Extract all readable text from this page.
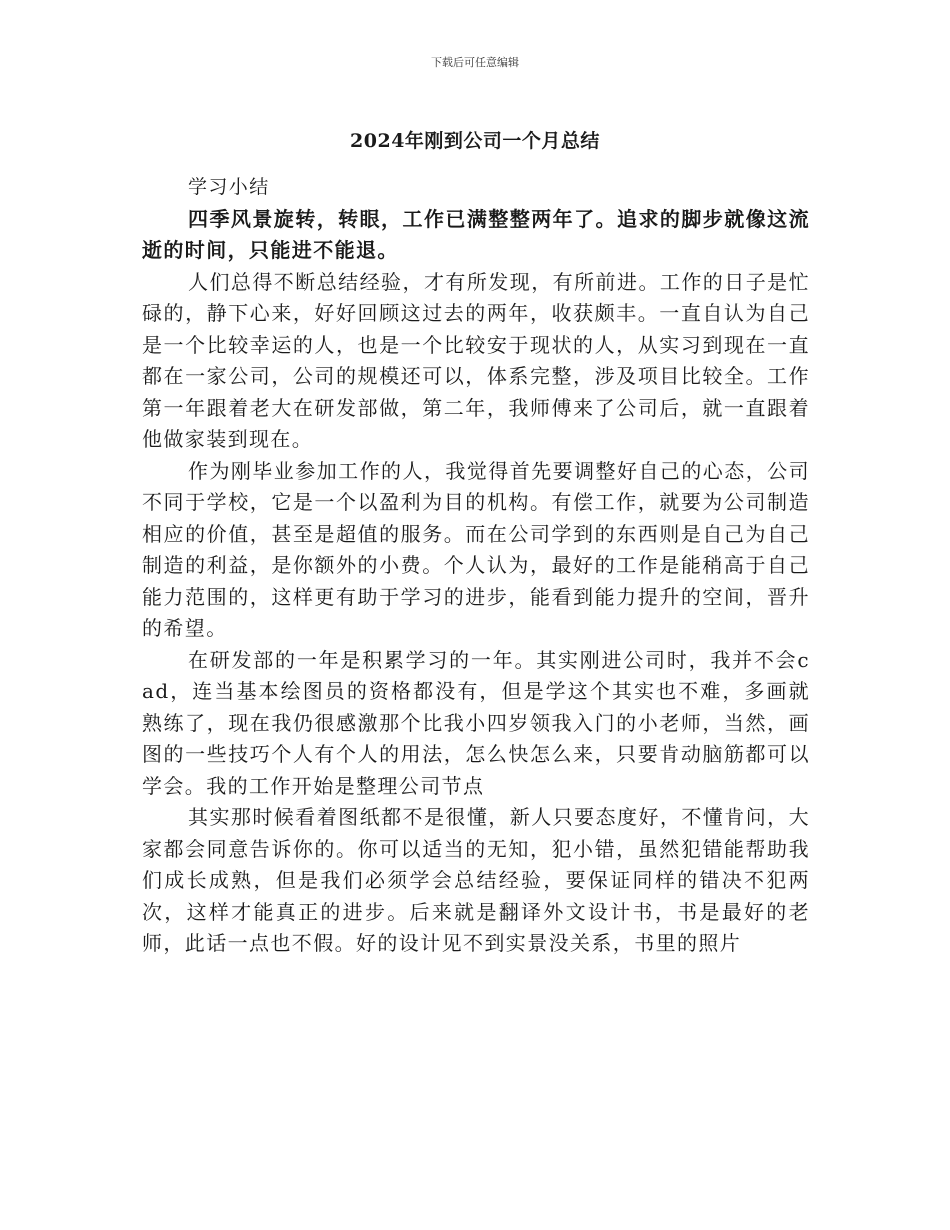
下载后可任意编辑
2024年刚到公司一个月总结

学习小结

四季风景旋转，转眼，工作已满整整两年了。追求的脚步就像这流逝的时间，只能进不能退。

人们总得不断总结经验，才有所发现，有所前进。工作的日子是忙碌的，静下心来，好好回顾这过去的两年，收获颇丰。一直自认为自己是一个比较幸运的人，也是一个比较安于现状的人，从实习到现在一直都在一家公司，公司的规模还可以，体系完整，涉及项目比较全。工作第一年跟着老大在研发部做，第二年，我师傅来了公司后，就一直跟着他做家装到现在。

作为刚毕业参加工作的人，我觉得首先要调整好自己的心态，公司不同于学校，它是一个以盈利为目的机构。有偿工作，就要为公司制造相应的价值，甚至是超值的服务。而在公司学到的东西则是自己为自己制造的利益，是你额外的小费。个人认为，最好的工作是能稍高于自己能力范围的，这样更有助于学习的进步，能看到能力提升的空间，晋升的希望。

在研发部的一年是积累学习的一年。其实刚进公司时，我并不会cad，连当基本绘图员的资格都没有，但是学这个其实也不难，多画就熟练了，现在我仍很感激那个比我小四岁领我入门的小老师，当然，画图的一些技巧个人有个人的用法，怎么快怎么来，只要肯动脑筋都可以学会。我的工作开始是整理公司节点

其实那时候看着图纸都不是很懂，新人只要态度好，不懂肯问，大家都会同意告诉你的。你可以适当的无知，犯小错，虽然犯错能帮助我们成长成熟，但是我们必须学会总结经验，要保证同样的错决不犯两次，这样才能真正的进步。后来就是翻译外文设计书，书是最好的老师，此话一点也不假。好的设计见不到实景没关系，书里的照片
